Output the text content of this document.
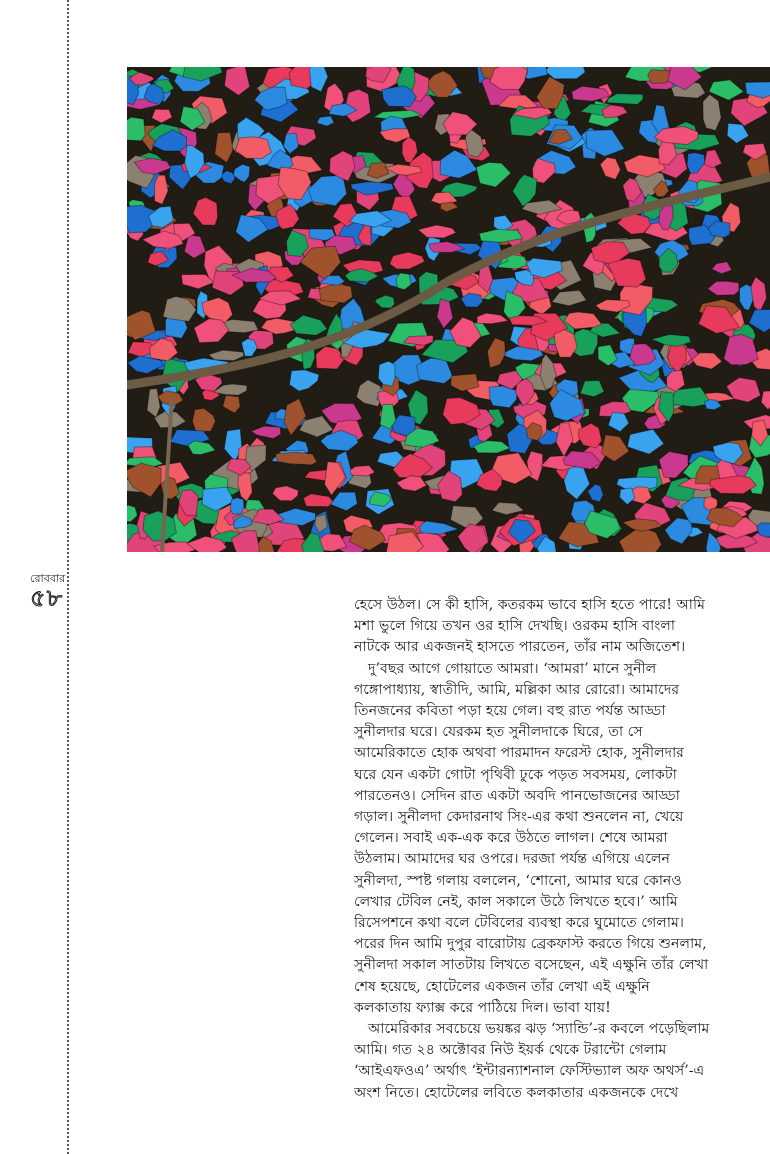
রোববার
৫৮	হেসে উঠল। সে কী হাসি, কতরকম ভাবে হাসি হতে পারে! আমি
মশা ভুলে গিয়ে তখন ওর হাসি দেখছি। ওরকম হাসি বাংলা
নাটকে আর একজনই হাসতে পারতেন, তাঁর নাম অজিতেশ।

দু’বছর আগে গোয়াতে আমরা। ‘আমরা’ মানে সুনীল
গঙ্গোপাধ্যায়, স্বাতীদি, আমি, মল্লিকা আর রোরো। আমাদের
তিনজনের কবিতা পড়া হয়ে গেল। বহু রাত পর্যন্ত আড্ডা
সুনীলদার ঘরে। যেরকম হত সুনীলদাকে ঘিরে, তা সে
আমেরিকাতে হোক অথবা পারমাদন ফরেস্ট হোক, সুনীলদার
ঘরে যেন একটা গোটা পৃথিবী ঢুকে পড়ত সবসময়, লোকটা
পারতেনও। সেদিন রাত একটা অবদি পানভোজনের আড্ডা
গড়াল। সুনীলদা কেদারনাথ সিং-এর কথা শুনলেন না, খেয়ে
গেলেন। সবাই এক-এক করে উঠতে লাগল। শেষে আমরা
উঠলাম। আমাদের ঘর ওপরে। দরজা পর্যন্ত এগিয়ে এলেন
সুনীলদা, স্পষ্ট গলায় বললেন, ‘শোনো, আমার ঘরে কোনও
লেখার টেবিল নেই, কাল সকালে উঠে লিখতে হবে।’ আমি
রিসেপশনে কথা বলে টেবিলের ব্যবস্থা করে ঘুমোতে গেলাম।
পরের দিন আমি দুপুর বারোটায় ব্রেকফাস্ট করতে গিয়ে শুনলাম,
সুনীলদা সকাল সাতটায় লিখতে বসেছেন, এই এক্ষুনি তাঁর লেখা
শেষ হয়েছে, হোটেলের একজন তাঁর লেখা এই এক্ষুনি
কলকাতায় ফ্যাক্স করে পাঠিয়ে দিল। ভাবা যায়!

আমেরিকার সবচেয়ে ভয়ঙ্কর ঝড় ‘স্যান্ডি’-র কবলে পড়েছিলাম
আমি। গত ২৪ অক্টোবর নিউ ইয়র্ক থেকে টরান্টো গেলাম
‘আইএফওএ’ অর্থাৎ ‘ইন্টারন্যাশনাল ফেস্টিভ্যাল অফ অথর্স’-এ
অংশ নিতে। হোটেলের লবিতে কলকাতার একজনকে দেখে
